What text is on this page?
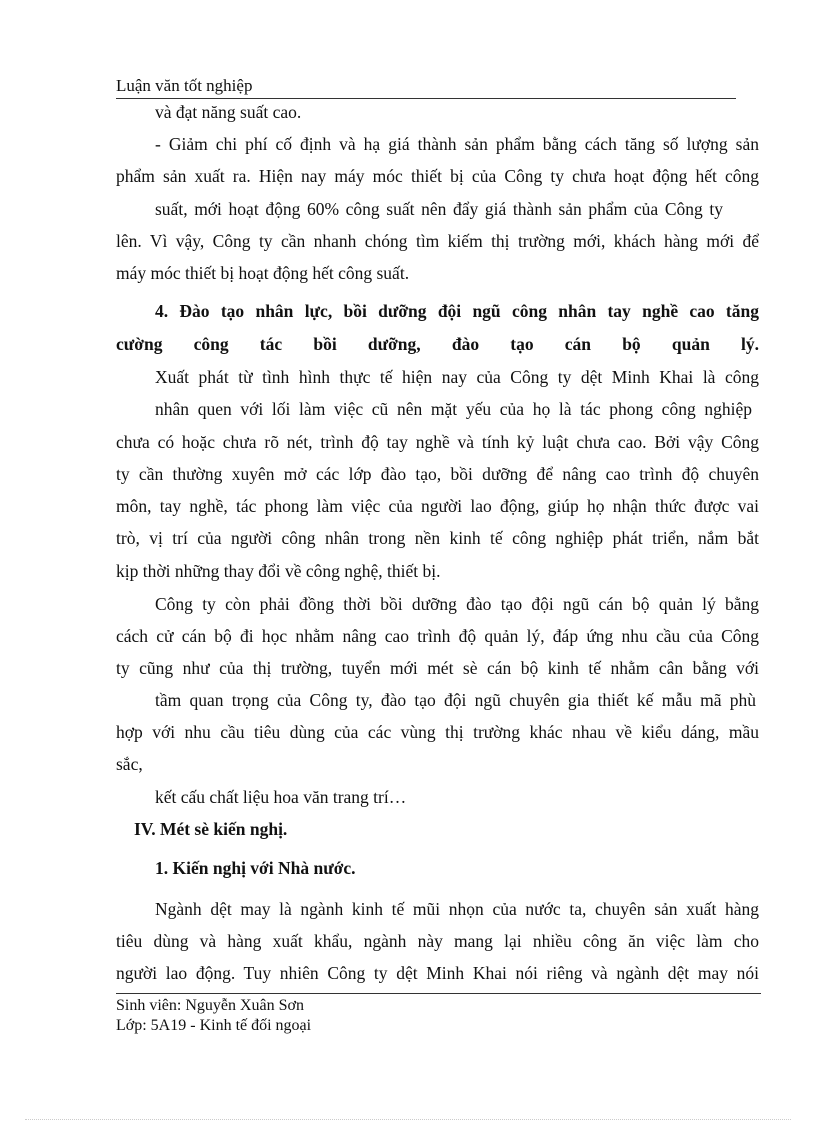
Luận văn tốt nghiệp
và đạt năng suất cao.
- Giảm chi phí cố định và hạ giá thành sản phẩm bằng cách tăng số lượng sản
phẩm sản xuất ra. Hiện nay máy móc thiết bị của Công ty chưa hoạt động hết công
suất, mới hoạt động 60% công suất nên đẩy giá thành sản phẩm của Công ty
lên. Vì vậy, Công ty cần nhanh chóng tìm kiếm thị trường mới, khách hàng mới để
máy móc thiết bị hoạt động hết công suất.
4. Đào tạo nhân lực, bồi dưỡng đội ngũ công nhân tay nghề cao tăng
cường công tác bồi dưỡng, đào tạo cán bộ quản lý.
Xuất phát từ tình hình thực tế hiện nay của Công ty dệt Minh Khai là công
nhân quen với lối làm việc cũ nên mặt yếu của họ là tác phong công nghiệp
chưa có hoặc chưa rõ nét, trình độ tay nghề và tính kỷ luật chưa cao. Bởi vậy Công
ty cần thường xuyên mở các lớp đào tạo, bồi dưỡng để nâng cao trình độ chuyên
môn, tay nghề, tác phong làm việc của người lao động, giúp họ nhận thức được vai
trò, vị trí của người công nhân trong nền kinh tế công nghiệp phát triển, nắm bắt
kịp thời những thay đổi về công nghệ, thiết bị.
Công ty còn phải đồng thời bồi dưỡng đào tạo đội ngũ cán bộ quản lý bằng
cách cử cán bộ đi học nhằm nâng cao trình độ quản lý, đáp ứng nhu cầu của Công
ty cũng như của thị trường, tuyển mới mét sè cán bộ kinh tế nhằm cân bằng với
tầm quan trọng của Công ty, đào tạo đội ngũ chuyên gia thiết kế mẫu mã phù
hợp với nhu cầu tiêu dùng của các vùng thị trường khác nhau về kiểu dáng, mầu
sắc,
kết cấu chất liệu hoa văn trang trí…
IV. Mét sè kiến nghị.
1. Kiến nghị với Nhà nước.
Ngành dệt may là ngành kinh tế mũi nhọn của nước ta, chuyên sản xuất hàng
tiêu dùng và hàng xuất khẩu, ngành này mang lại nhiều công ăn việc làm cho
người lao động. Tuy nhiên Công ty dệt Minh Khai nói riêng và ngành dệt may nói
Sinh viên: Nguyễn Xuân Sơn
Lớp: 5A19 - Kinh tế đối ngoại
